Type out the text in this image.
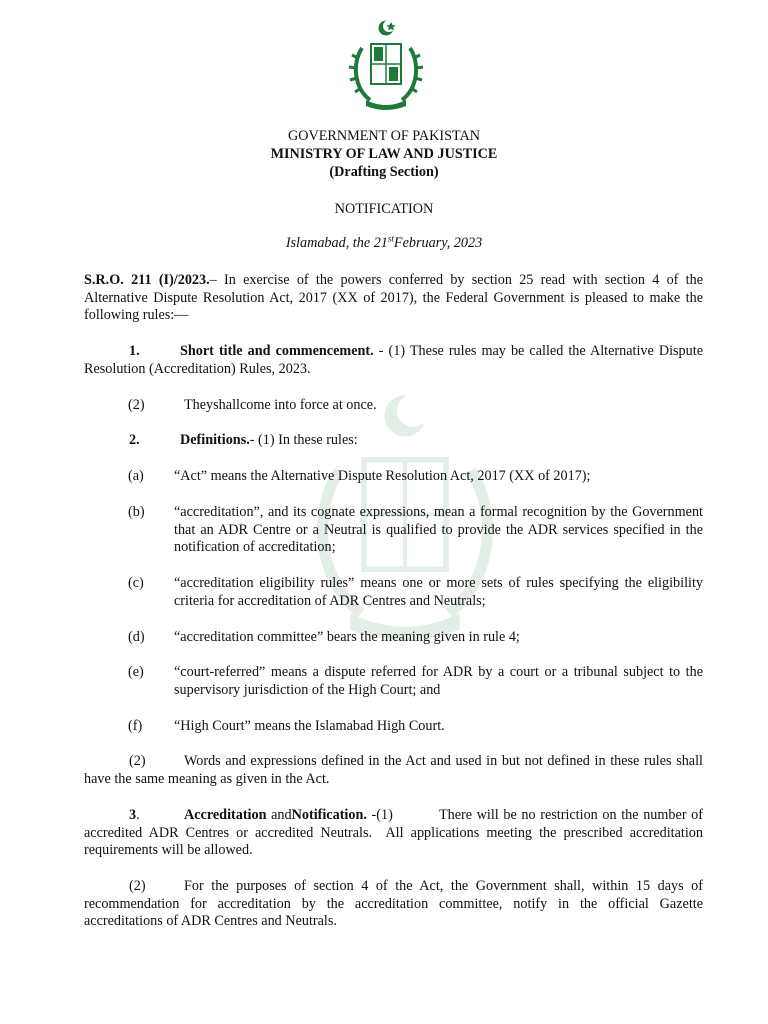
GOVERNMENT OF PAKISTAN
MINISTRY OF LAW AND JUSTICE
(Drafting Section)
NOTIFICATION
Islamabad, the 21stFebruary, 2023
S.R.O. 211 (I)/2023.– In exercise of the powers conferred by section 25 read with section 4 of the Alternative Dispute Resolution Act, 2017 (XX of 2017), the Federal Government is pleased to make the following rules:—
1.	Short title and commencement. - (1) These rules may be called the Alternative Dispute Resolution (Accreditation) Rules, 2023.
(2)	Theyshallcome into force at once.
2.	Definitions.- (1) In these rules:
(a) “Act” means the Alternative Dispute Resolution Act, 2017 (XX of 2017);
(b) “accreditation”, and its cognate expressions, mean a formal recognition by the Government that an ADR Centre or a Neutral is qualified to provide the ADR services specified in the notification of accreditation;
(c) “accreditation eligibility rules” means one or more sets of rules specifying the eligibility criteria for accreditation of ADR Centres and Neutrals;
(d) “accreditation committee” bears the meaning given in rule 4;
(e) “court-referred” means a dispute referred for ADR by a court or a tribunal subject to the supervisory jurisdiction of the High Court; and
(f) “High Court” means the Islamabad High Court.
(2)	Words and expressions defined in the Act and used in but not defined in these rules shall have the same meaning as given in the Act.
3.	Accreditation andNotification. -(1)          There will be no restriction on the number of accredited ADR Centres or accredited Neutrals.  All applications meeting the prescribed accreditation requirements will be allowed.
(2)	For the purposes of section 4 of the Act, the Government shall, within 15 days of recommendation for accreditation by the accreditation committee, notify in the official Gazette accreditations of ADR Centres and Neutrals.
